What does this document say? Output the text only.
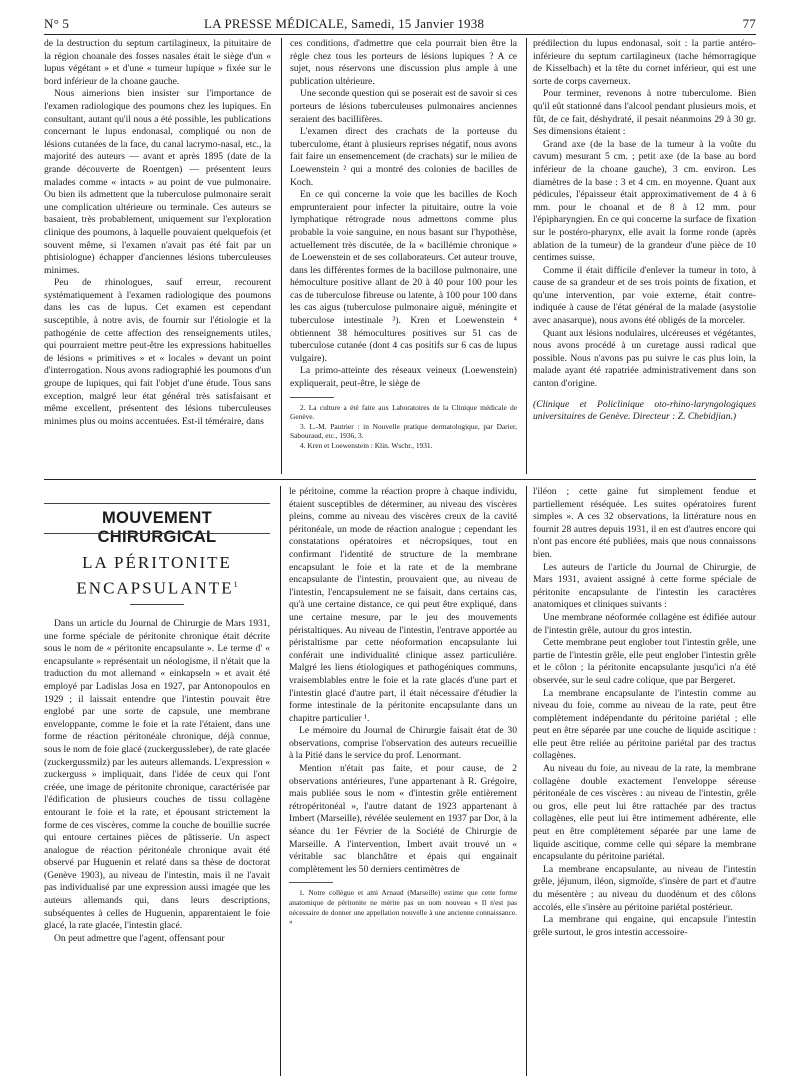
N° 5	LA PRESSE MÉDICALE, Samedi, 15 Janvier 1938	77

de la destruction du septum cartilagineux, la pituitaire de la région choanale des fosses nasales était le siège d'un « lupus végétant » et d'une « tumeur lupique » fixée sur le bord inférieur de la choane gauche.

Nous aimerions bien insister sur l'importance de l'examen radiologique des poumons chez les lupiques. En consultant, autant qu'il nous a été possible, les publications concernant le lupus endonasal, compliqué ou non de lésions cutanées de la face, du canal lacrymo-nasal, etc., la majorité des auteurs — avant et après 1895 (date de la grande découverte de Roentgen) — présentent leurs malades comme « intacts » au point de vue pulmonaire. Ou bien ils admettent que la tuberculose pulmonaire serait une complication ultérieure ou terminale. Ces auteurs se basaient, très probablement, uniquement sur l'exploration clinique des poumons, à laquelle pouvaient quelquefois (et souvent même, si l'examen n'avait pas été fait par un phtisiologue) échapper d'anciennes lésions tuberculeuses minimes.

Peu de rhinologues, sauf erreur, recourent systématiquement à l'examen radiologique des poumons dans les cas de lupus. Cet examen est cependant susceptible, à notre avis, de fournir sur l'étiologie et la pathogénie de cette affection des renseignements utiles, qui pourraient mettre peut-être les expressions habituelles de lésions « primitives » et « locales » devant un point d'interrogation. Nous avons radiographié les poumons d'un groupe de lupiques, qui fait l'objet d'une étude. Tous sans exception, malgré leur état général très satisfaisant et même excellent, présentent des lésions tuberculeuses minimes plus ou moins accentuées. Est-il téméraire, dans

ces conditions, d'admettre que cela pourrait bien être la règle chez tous les porteurs de lésions lupiques ? A ce sujet, nous réservons une discussion plus ample à une publication ultérieure.

Une seconde question qui se poserait est de savoir si ces porteurs de lésions tuberculeuses pulmonaires anciennes seraient des bacillifères.

L'examen direct des crachats de la porteuse du tuberculome, étant à plusieurs reprises négatif, nous avons fait faire un ensemencement (de crachats) sur le milieu de Loewenstein ² qui a montré des colonies de bacilles de Koch.

En ce qui concerne la voie que les bacilles de Koch emprunteraient pour infecter la pituitaire, outre la voie lymphatique rétrograde nous admettons comme plus probable la voie sanguine, en nous basant sur l'hypothèse, actuellement très discutée, de la « bacillémie chronique » de Loewenstein et de ses collaborateurs. Cet auteur trouve, dans les différentes formes de la bacillose pulmonaire, une hémoculture positive allant de 20 à 40 pour 100 pour les cas de tuberculose fibreuse ou latente, à 100 pour 100 dans les cas aigus (tuberculose pulmonaire aiguë, méningite et tuberculose intestinale ³). Kren et Loewenstein ⁴ obtiennent 38 hémocultures positives sur 51 cas de tuberculose cutanée (dont 4 cas positifs sur 6 cas de lupus vulgaire).

La primo-atteinte des réseaux veineux (Loewenstein) expliquerait, peut-être, le siège de

2. La culture a été faite aux Laboratoires de la Clinique médicale de Genève.

3. L.-M. Pautrier : in Nouvelle pratique dermatologique, par Darier, Sabouraud, etc., 1936, 3.

4. Kren et Loewenstein : Klin. Wschr., 1931.

prédilection du lupus endonasal, soit : la partie antéro-inférieure du septum cartilagineux (tache hémorragique de Kisselbach) et la tête du cornet inférieur, qui est une sorte de corps caverneux.

Pour terminer, revenons à notre tuberculome. Bien qu'il eût stationné dans l'alcool pendant plusieurs mois, et fût, de ce fait, déshydraté, il pesait néanmoins 29 à 30 gr. Ses dimensions étaient :

Grand axe (de la base de la tumeur à la voûte du cavum) mesurant 5 cm. ; petit axe (de la base au bord inférieur de la choane gauche), 3 cm. environ. Les diamètres de la base : 3 et 4 cm. en moyenne. Quant aux pédicules, l'épaisseur était approximativement de 4 à 6 mm. pour le choanal et de 8 à 12 mm. pour l'épipharyngien. En ce qui concerne la surface de fixation sur le postéro-pharynx, elle avait la forme ronde (après ablation de la tumeur) de la grandeur d'une pièce de 10 centimes suisse.

Comme il était difficile d'enlever la tumeur in toto, à cause de sa grandeur et de ses trois points de fixation, et qu'une intervention, par voie externe, était contre-indiquée à cause de l'état général de la malade (asystolie avec anasarque), nous avons été obligés de la morceler.

Quant aux lésions nodulaires, ulcéreuses et végétantes, nous avons procédé à un curetage aussi radical que possible. Nous n'avons pas pu suivre le cas plus loin, la malade ayant été rapatriée administrativement dans son canton d'origine.

(Clinique et Policlinique oto-rhino-laryngologiques universitaires de Genève. Directeur : Z. Chebidjian.)

MOUVEMENT CHIRURGICAL
LA PÉRITONITE
ENCAPSULANTE$^1$

Dans un article du Journal de Chirurgie de Mars 1931, une forme spéciale de péritonite chronique était décrite sous le nom de « péritonite encapsulante ». Le terme d' « encapsulante » représentait un néologisme, il n'était que la traduction du mot allemand « einkapseln » et avait été employé par Ladislas Josa en 1927, par Antonopoulos en 1929 ; il laissait entendre que l'intestin pouvait être englobé par une sorte de capsule, une membrane enveloppante, comme le foie et la rate l'étaient, dans une forme de réaction péritonéale chronique, déjà connue, sous le nom de foie glacé (zuckergussleber), de rate glacée (zuckergussmilz) par les auteurs allemands. L'expression « zuckerguss » impliquait, dans l'idée de ceux qui l'ont créée, une image de péritonite chronique, caractérisée par l'édification de plusieurs couches de tissu collagène entourant le foie et la rate, et épousant strictement la forme de ces viscères, comme la couche de bouillie sucrée qui entoure certaines pièces de pâtisserie. Un aspect analogue de réaction péritonéale chronique avait été observé par Huguenin et relaté dans sa thèse de doctorat (Genève 1903), au niveau de l'intestin, mais il ne l'avait pas individualisé par une expression aussi imagée que les auteurs allemands qui, dans leurs descriptions, subséquentes à celles de Huguenin, apparentaient le foie glacé, la rate glacée, l'intestin glacé.

On peut admettre que l'agent, offensant pour

le péritoine, comme la réaction propre à chaque individu, étaient susceptibles de déterminer, au niveau des viscères pleins, comme au niveau des viscères creux de la cavité péritonéale, un mode de réaction analogue ; cependant les constatations opératoires et nécropsiques, tout en confirmant l'identité de structure de la membrane encapsulant le foie et la rate et de la membrane encapsulante de l'intestin, prouvaient que, au niveau de l'intestin, l'encapsulement ne se faisait, dans certains cas, qu'à une certaine distance, ce qui peut être expliqué, dans une certaine mesure, par le jeu des mouvements péristaltiques. Au niveau de l'intestin, l'entrave apportée au péristaltisme par cette néoformation encapsulante lui conférait une individualité clinique assez particulière. Malgré les liens étiologiques et pathogéniques communs, vraisemblables entre le foie et la rate glacés d'une part et l'intestin glacé d'autre part, il était nécessaire d'étudier la forme intestinale de la péritonite encapsulante dans un chapitre particulier ¹.

Le mémoire du Journal de Chirurgie faisait état de 30 observations, comprise l'observation des auteurs recueillie à la Pitié dans le service du prof. Lenormant.

Mention n'était pas faite, et pour cause, de 2 observations antérieures, l'une appartenant à R. Grégoire, mais publiée sous le nom « d'intestin grêle entièrement rétropéritonéal », l'autre datant de 1923 appartenant à Imbert (Marseille), révélée seulement en 1937 par Dor, à la séance du 1er Février de la Société de Chirurgie de Marseille. A l'intervention, Imbert avait trouvé un « véritable sac blanchâtre et épais qui engainait complètement les 50 derniers centimètres de

1. Notre collègue et ami Arnaud (Marseille) estime que cette forme anatomique de péritonite ne mérite pas un nom nouveau « Il n'est pas nécessaire de donner une appellation nouvelle à une ancienne connaissance. »

l'iléon ; cette gaine fut simplement fendue et partiellement réséquée. Les suites opératoires furent simples ». A ces 32 observations, la littérature nous en fournit 28 autres depuis 1931, il en est d'autres encore qui n'ont pas encore été publiées, mais que nous connaissons bien.

Les auteurs de l'article du Journal de Chirurgie, de Mars 1931, avaient assigné à cette forme spéciale de péritonite encapsulante de l'intestin les caractères anatomiques et cliniques suivants :

Une membrane néoformée collagène est édifiée autour de l'intestin grêle, autour du gros intestin.

Cette membrane peut englober tout l'intestin grêle, une partie de l'intestin grêle, elle peut englober l'intestin grêle et le côlon ; la péritonite encapsulante jusqu'ici n'a été observée, sur le seul cadre colique, que par Bergeret.

La membrane encapsulante de l'intestin comme au niveau du foie, comme au niveau de la rate, peut être complètement indépendante du péritoine pariétal ; elle peut en être séparée par une couche de liquide ascitique : elle peut être reliée au péritoine pariétal par des tractus collagènes.

Au niveau du foie, au niveau de la rate, la membrane collagène double exactement l'enveloppe séreuse péritonéale de ces viscères : au niveau de l'intestin, grêle ou gros, elle peut lui être rattachée par des tractus collagènes, elle peut lui être intimement adhérente, elle peut en être complètement séparée par une lame de liquide ascitique, comme celle qui sépare la membrane encapsulante du péritoine pariétal.

La membrane encapsulante, au niveau de l'intestin grêle, jéjunum, iléon, sigmoïde, s'insère de part et d'autre du mésentère ; au niveau du duodénum et des côlons accolés, elle s'insère au péritoine pariétal postérieur.

La membrane qui engaine, qui encapsule l'intestin grêle surtout, le gros intestin accessoire-
